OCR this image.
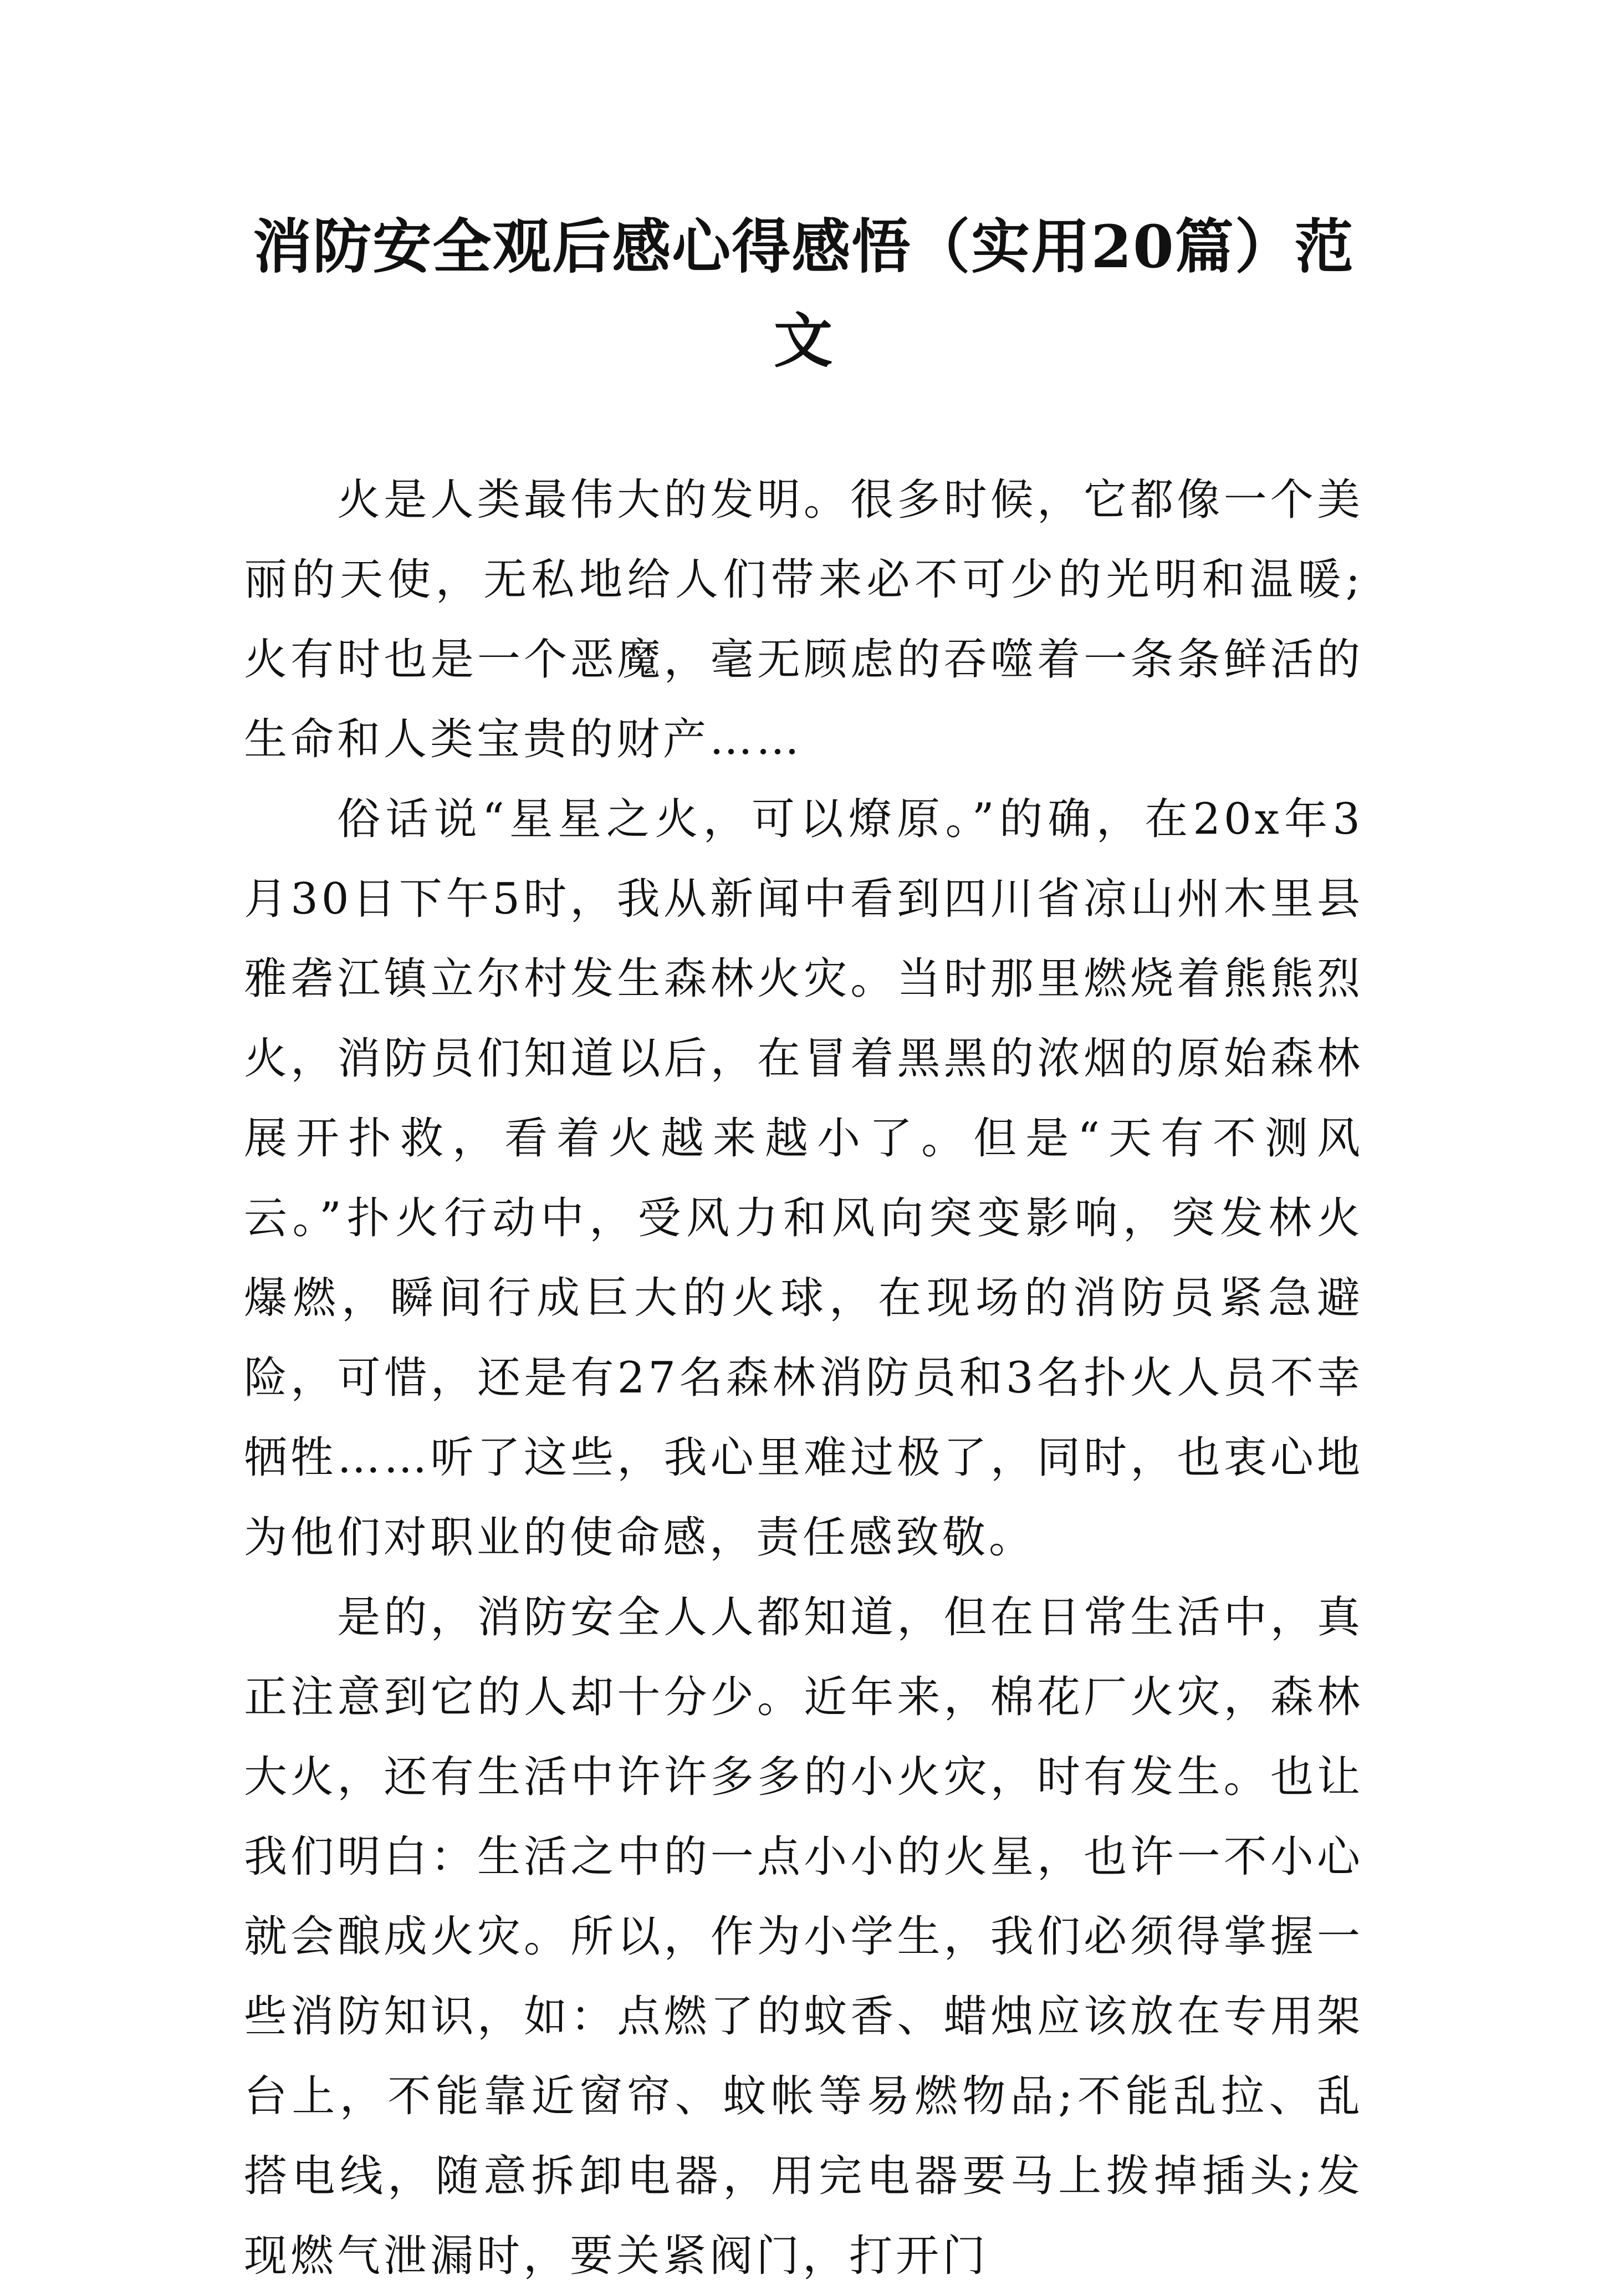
消防安全观后感心得感悟（实用20篇）范文

火是人类最伟大的发明。很多时候，它都像一个美丽的天使，无私地给人们带来必不可少的光明和温暖;火有时也是一个恶魔，毫无顾虑的吞噬着一条条鲜活的生命和人类宝贵的财产……

俗话说“星星之火，可以燎原。”的确，在20x年3月30日下午5时，我从新闻中看到四川省凉山州木里县雅砻江镇立尔村发生森林火灾。当时那里燃烧着熊熊烈火，消防员们知道以后，在冒着黑黑的浓烟的原始森林展开扑救，看着火越来越小了。但是“天有不测风云。”扑火行动中，受风力和风向突变影响，突发林火爆燃，瞬间行成巨大的火球，在现场的消防员紧急避险，可惜，还是有27名森林消防员和3名扑火人员不幸牺牲……听了这些，我心里难过极了，同时，也衷心地为他们对职业的使命感，责任感致敬。

是的，消防安全人人都知道，但在日常生活中，真正注意到它的人却十分少。近年来，棉花厂火灾，森林大火，还有生活中许许多多的小火灾，时有发生。也让我们明白：生活之中的一点小小的火星，也许一不小心就会酿成火灾。所以，作为小学生，我们必须得掌握一些消防知识，如：点燃了的蚊香、蜡烛应该放在专用架台上，不能靠近窗帘、蚊帐等易燃物品;不能乱拉、乱搭电线，随意拆卸电器，用完电器要马上拨掉插头;发现燃气泄漏时，要关紧阀门，打开门
